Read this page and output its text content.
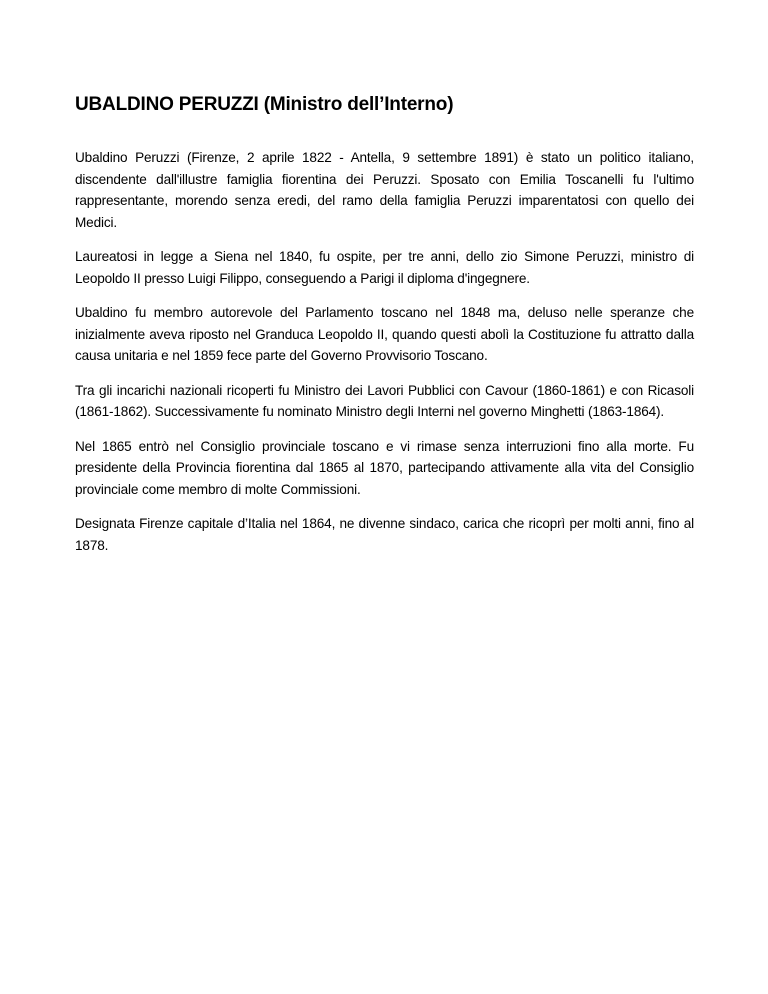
UBALDINO PERUZZI (Ministro dell’Interno)

Ubaldino Peruzzi (Firenze, 2 aprile 1822 - Antella, 9 settembre 1891) è stato un politico italiano, discendente dall'illustre famiglia fiorentina dei Peruzzi. Sposato con Emilia Toscanelli fu l'ultimo rappresentante, morendo senza eredi, del ramo della famiglia Peruzzi imparentatosi con quello dei Medici.

Laureatosi in legge a Siena nel 1840, fu ospite, per tre anni, dello zio Simone Peruzzi, ministro di Leopoldo II presso Luigi Filippo, conseguendo a Parigi il diploma d'ingegnere.

Ubaldino fu membro autorevole del Parlamento toscano nel 1848 ma, deluso nelle speranze che inizialmente aveva riposto nel Granduca Leopoldo II, quando questi abolì la Costituzione fu attratto dalla causa unitaria e nel 1859 fece parte del Governo Provvisorio Toscano.

Tra gli incarichi nazionali ricoperti fu Ministro dei Lavori Pubblici con Cavour (1860-1861) e con Ricasoli (1861-1862). Successivamente fu nominato Ministro degli Interni nel governo Minghetti (1863-1864).

Nel 1865 entrò nel Consiglio provinciale toscano e vi rimase senza interruzioni fino alla morte. Fu presidente della Provincia fiorentina dal 1865 al 1870, partecipando attivamente alla vita del Consiglio provinciale come membro di molte Commissioni.

Designata Firenze capitale d’Italia nel 1864, ne divenne sindaco, carica che ricoprì per molti anni, fino al 1878.
